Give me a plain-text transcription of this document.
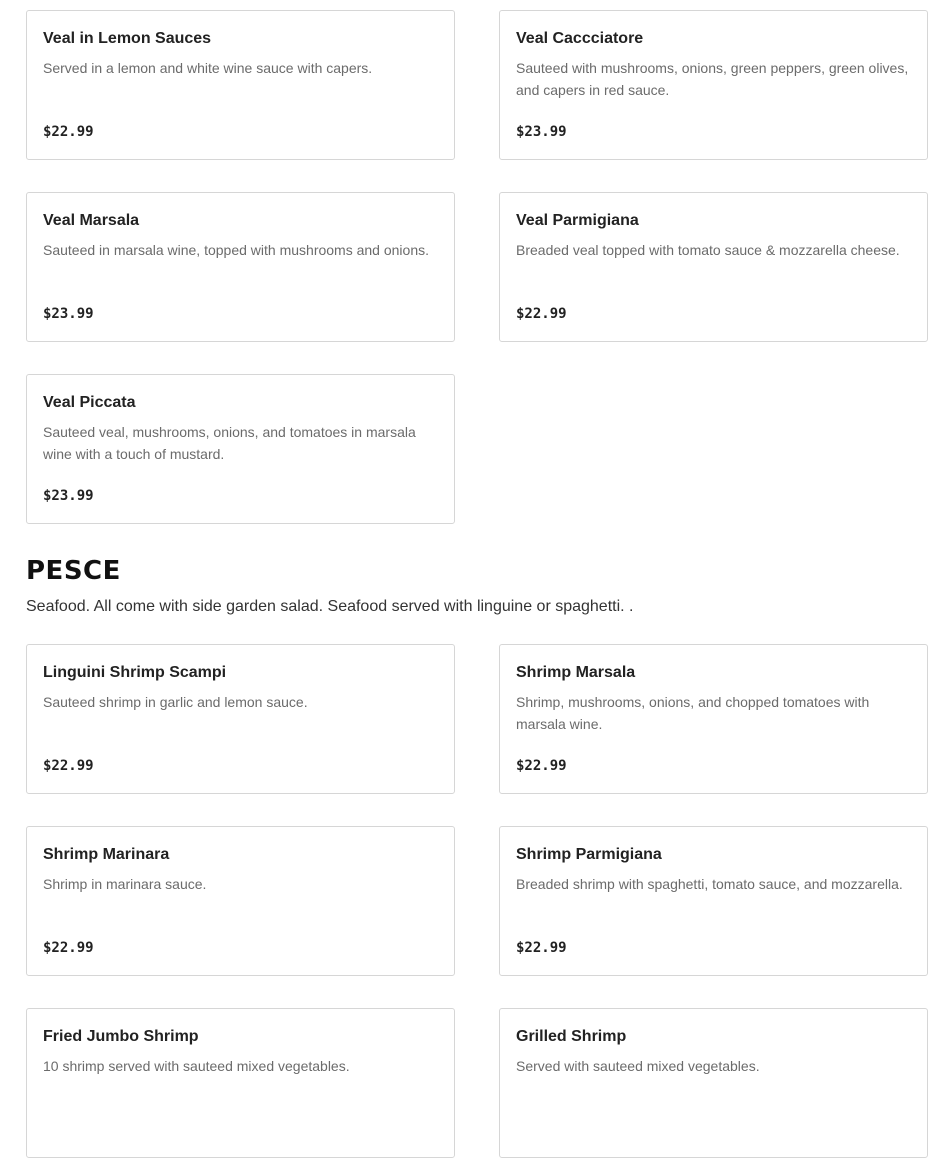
Veal in Lemon Sauces
Served in a lemon and white wine sauce with capers.
$22.99
Veal Caccciatore
Sauteed with mushrooms, onions, green peppers, green olives, and capers in red sauce.
$23.99
Veal Marsala
Sauteed in marsala wine, topped with mushrooms and onions.
$23.99
Veal Parmigiana
Breaded veal topped with tomato sauce & mozzarella cheese.
$22.99
Veal Piccata
Sauteed veal, mushrooms, onions, and tomatoes in marsala wine with a touch of mustard.
$23.99
PESCE

Seafood. All come with side garden salad. Seafood served with linguine or spaghetti. .

Linguini Shrimp Scampi
Sauteed shrimp in garlic and lemon sauce.
$22.99
Shrimp Marsala
Shrimp, mushrooms, onions, and chopped tomatoes with marsala wine.
$22.99
Shrimp Marinara
Shrimp in marinara sauce.
$22.99
Shrimp Parmigiana
Breaded shrimp with spaghetti, tomato sauce, and mozzarella.
$22.99
Fried Jumbo Shrimp
10 shrimp served with sauteed mixed vegetables.
Grilled Shrimp
Served with sauteed mixed vegetables.
